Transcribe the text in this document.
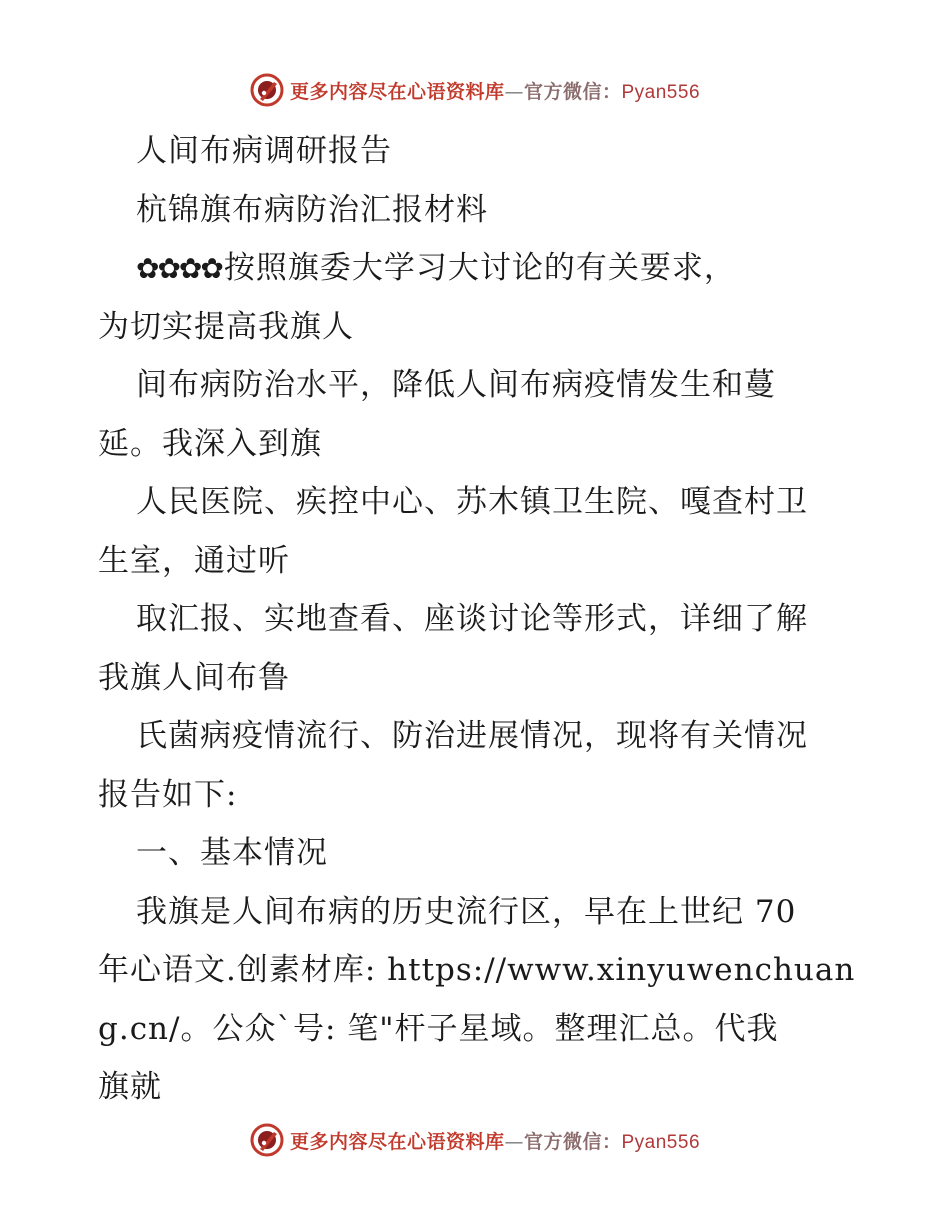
更多内容尽在心语资料库—官方微信：Pyan556
人间布病调研报告
杭锦旗布病防治汇报材料
✿✿✿✿按照旗委大学习大讨论的有关要求，
为切实提高我旗人
间布病防治水平，降低人间布病疫情发生和蔓
延。我深入到旗
人民医院、疾控中心、苏木镇卫生院、嘎查村卫
生室，通过听
取汇报、实地查看、座谈讨论等形式，详细了解
我旗人间布鲁
氏菌病疫情流行、防治进展情况，现将有关情况
报告如下:
一、基本情况
我旗是人间布病的历史流行区，早在上世纪 70
年心语文.创素材库: https://www.xinyuwenchuan
g.cn/。公众`号: 笔"杆子星域。整理汇总。代我
旗就
更多内容尽在心语资料库—官方微信：Pyan556
